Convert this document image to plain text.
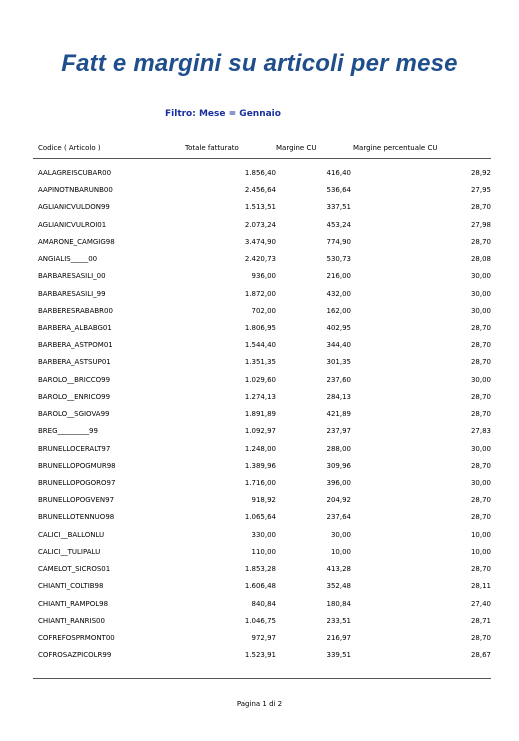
Fatt e margini su articoli per mese
Filtro: Mese = Gennaio
Codice ( Articolo )	Totale fatturato	Margine CU	Margine percentuale CU
AALAGREISCUBAR00	1.856,40	416,40	28,92
AAPINOTNBARUNB00	2.456,64	536,64	27,95
AGLIANICVULDON99	1.513,51	337,51	28,70
AGLIANICVULROI01	2.073,24	453,24	27,98
AMARONE_CAMGIG98	3.474,90	774,90	28,70
ANGIALIS_____00	2.420,73	530,73	28,08
BARBARESASILI_00	936,00	216,00	30,00
BARBARESASILI_99	1.872,00	432,00	30,00
BARBERESRABABR00	702,00	162,00	30,00
BARBERA_ALBABG01	1.806,95	402,95	28,70
BARBERA_ASTPOM01	1.544,40	344,40	28,70
BARBERA_ASTSUP01	1.351,35	301,35	28,70
BAROLO__BRICCO99	1.029,60	237,60	30,00
BAROLO__ENRICO99	1.274,13	284,13	28,70
BAROLO__SGIOVA99	1.891,89	421,89	28,70
BREG_________99	1.092,97	237,97	27,83
BRUNELLOCERALT97	1.248,00	288,00	30,00
BRUNELLOPOGMUR98	1.389,96	309,96	28,70
BRUNELLOPOGORO97	1.716,00	396,00	30,00
BRUNELLOPOGVEN97	918,92	204,92	28,70
BRUNELLOTENNUO98	1.065,64	237,64	28,70
CALICI__BALLONLU	330,00	30,00	10,00
CALICI__TULIPALU	110,00	10,00	10,00
CAMELOT_SICROS01	1.853,28	413,28	28,70
CHIANTI_COLTIB98	1.606,48	352,48	28,11
CHIANTI_RAMPOL98	840,84	180,84	27,40
CHIANTI_RANRIS00	1.046,75	233,51	28,71
COFREFOSPRMONT00	972,97	216,97	28,70
COFROSAZPICOLR99	1.523,91	339,51	28,67
Pagina 1 di 2
